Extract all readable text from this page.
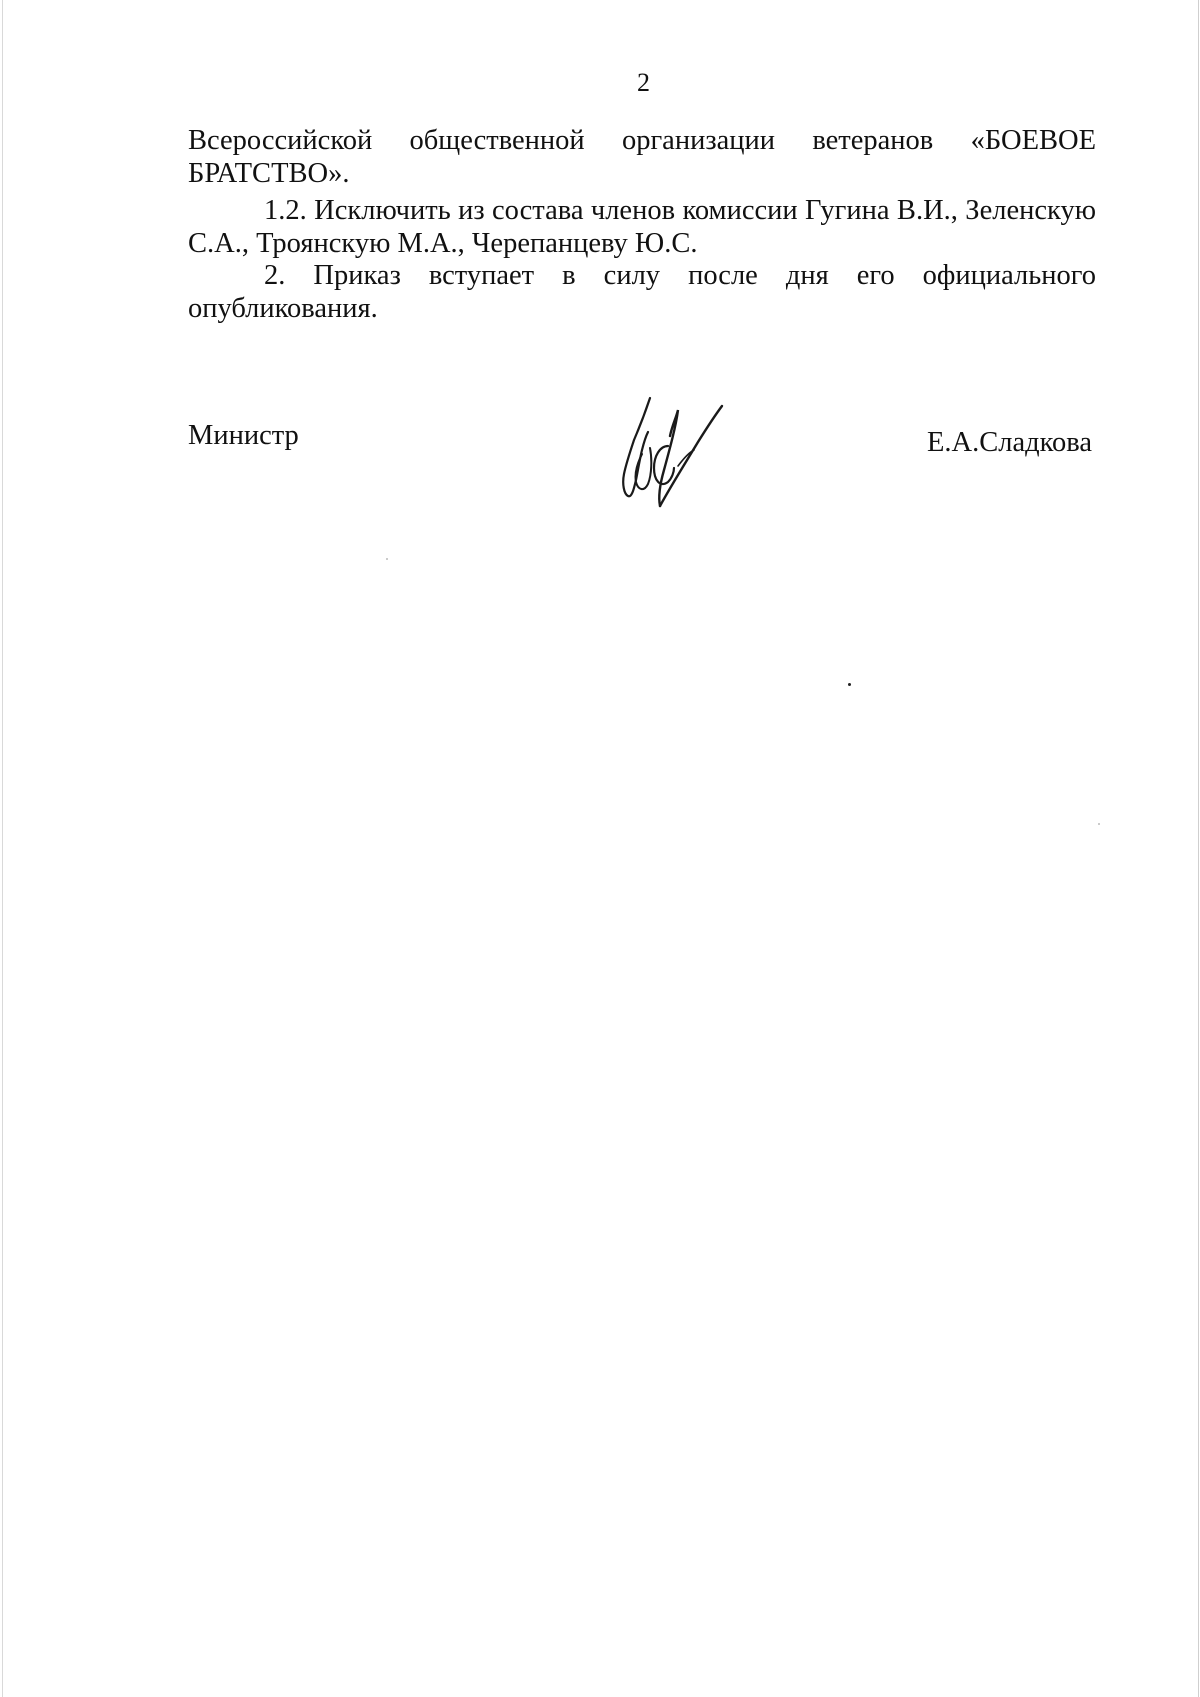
2
Всероссийской общественной организации ветеранов «БОЕВОЕ
БРАТСТВО».
1.2. Исключить из состава членов комиссии Гугина В.И., Зеленскую
С.А., Троянскую М.А., Черепанцеву Ю.С.
2. Приказ вступает в силу после дня его официального
опубликования.
Министр	Е.А.Сладкова
